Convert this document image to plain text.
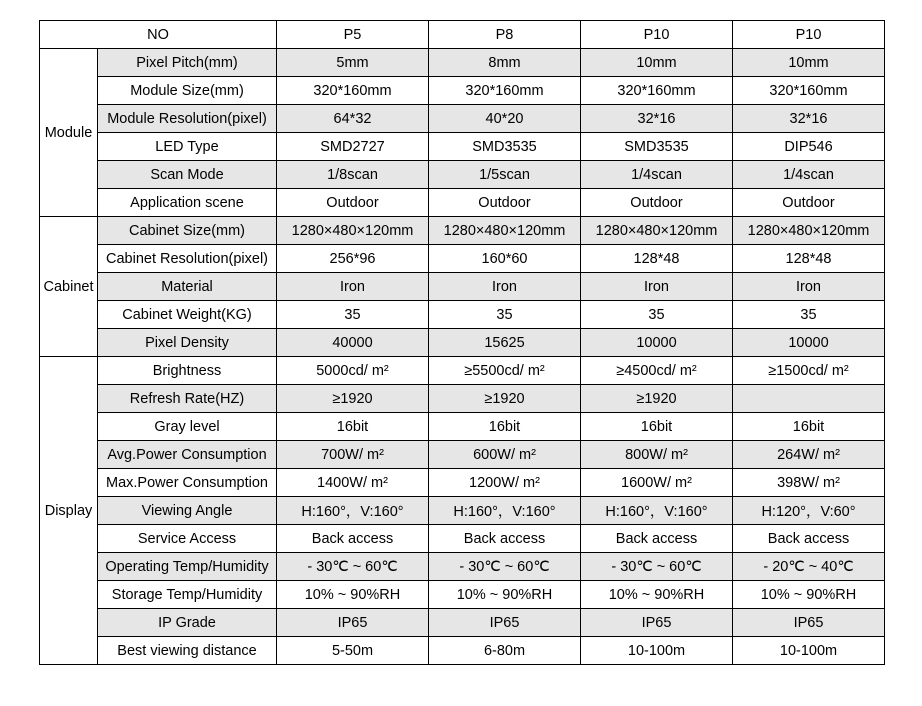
NO		P5	P8	P10	P10
Module	Pixel Pitch(mm)	5mm	8mm	10mm	10mm
	Module Size(mm)	320*160mm	320*160mm	320*160mm	320*160mm
	Module Resolution(pixel)	64*32	40*20	32*16	32*16
	LED Type	SMD2727	SMD3535	SMD3535	DIP546
	Scan Mode	1/8scan	1/5scan	1/4scan	1/4scan
	Application scene	Outdoor	Outdoor	Outdoor	Outdoor
Cabinet	Cabinet Size(mm)	1280×480×120mm	1280×480×120mm	1280×480×120mm	1280×480×120mm
	Cabinet Resolution(pixel)	256*96	160*60	128*48	128*48
	Material	Iron	Iron	Iron	Iron
	Cabinet Weight(KG)	35	35	35	35
	Pixel Density	40000	15625	10000	10000
Display	Brightness	5000cd/ m²	≥5500cd/ m²	≥4500cd/ m²	≥1500cd/ m²
	Refresh Rate(HZ)	≥1920	≥1920	≥1920	
	Gray level	16bit	16bit	16bit	16bit
	Avg.Power Consumption	700W/ m²	600W/ m²	800W/ m²	264W/ m²
	Max.Power Consumption	1400W/ m²	1200W/ m²	1600W/ m²	398W/ m²
	Viewing Angle	H:160°，V:160°	H:160°，V:160°	H:160°，V:160°	H:120°，V:60°
	Service Access	Back access	Back access	Back access	Back access
	Operating Temp/Humidity	- 30℃ ~ 60℃	- 30℃ ~ 60℃	- 30℃ ~ 60℃	- 20℃ ~ 40℃
	Storage Temp/Humidity	10% ~ 90%RH	10% ~ 90%RH	10% ~ 90%RH	10% ~ 90%RH
	IP Grade	IP65	IP65	IP65	IP65
	Best viewing distance	5-50m	6-80m	10-100m	10-100m
